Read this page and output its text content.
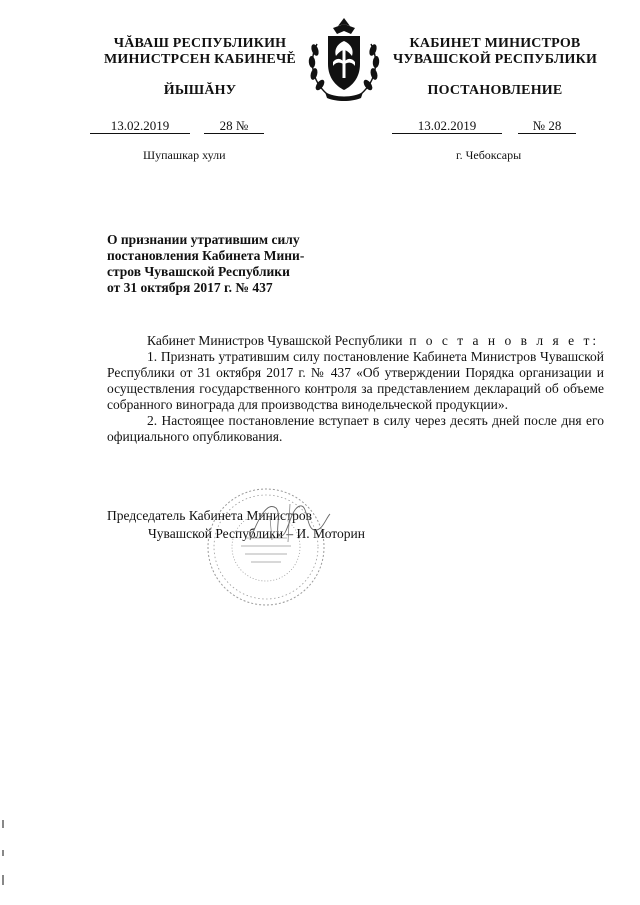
ЧĂВАШ РЕСПУБЛИКИН
МИНИСТРСЕН КАБИНЕЧĚ
ЙЫШĂНУ
КАБИНЕТ МИНИСТРОВ
ЧУВАШСКОЙ РЕСПУБЛИКИ
ПОСТАНОВЛЕНИЕ
13.02.2019	28 №	13.02.2019	№ 28
Шупашкар хули	г. Чебоксары
О признании утратившим силу
постановления Кабинета Мини-
стров Чувашской Республики
от 31 октября 2017 г. № 437

Кабинет Министров Чувашской Республики п о с т а н о в л я е т:

1. Признать утратившим силу постановление Кабинета Министров Чувашской Республики от 31 октября 2017 г. № 437 «Об утверждении Порядка организации и осуществления государственного контроля за представлением деклараций об объеме собранного винограда для производства винодельческой продукции».

2. Настоящее постановление вступает в силу через десять дней после дня его официального опубликования.

Председатель Кабинета Министров
Чувашской Республики – И. Моторин
